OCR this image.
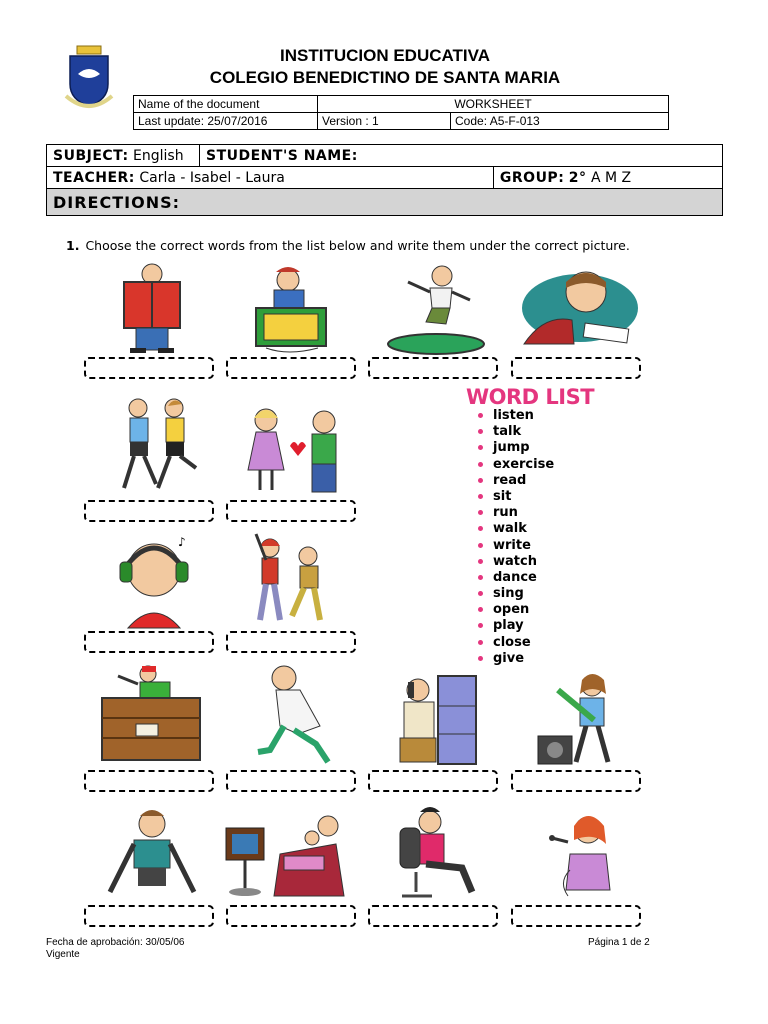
INSTITUCION EDUCATIVA
COLEGIO BENEDICTINO DE SANTA MARIA
Name of the document	WORKSHEET	
Last update: 25/07/2016	Version : 1	Code: A5-F-013
SUBJECT: English	STUDENT'S NAME:	
TEACHER: Carla - Isabel - Laura		GROUP: 2° A M Z
DIRECTIONS:		
1. Choose the correct words from the list below and write them under the correct picture.
♪
WORD LIST
listen
talk
jump
exercise
read
sit
run
walk
write
watch
dance
sing
open
play
close
give
Fecha de aprobación: 30/05/06
Vigente
Página 1 de 2
